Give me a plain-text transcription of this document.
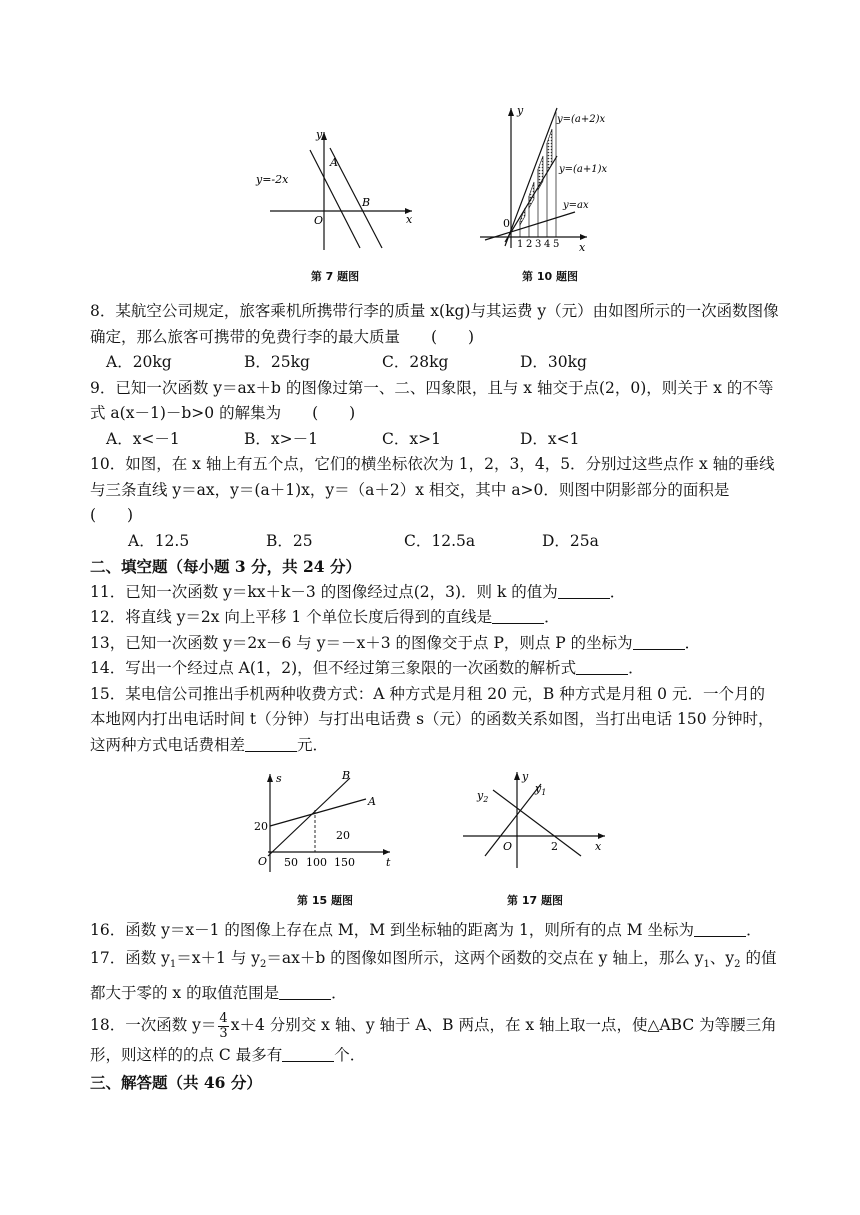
y
x
O
y=-2x
A
B
第 7 题图
y
x
0
y=(a+2)x
y=(a+1)x
y=ax
1 2 3 4 5
第 10 题图

8．某航空公司规定，旅客乘机所携带行李的质量 x(kg)与其运费 y（元）由如图所示的一次函数图像确定，那么旅客可携带的免费行李的最大质量　　(　　)

A．20kg	B．25kg	C．28kg	D．30kg

9．已知一次函数 y＝ax＋b 的图像过第一、二、四象限，且与 x 轴交于点(2，0)，则关于 x 的不等式 a(x－1)－b>0 的解集为　　(　　)

A．x<－1	B．x>－1	C．x>1	D．x<1

10．如图，在 x 轴上有五个点，它们的横坐标依次为 1，2，3，4，5．分别过这些点作 x 轴的垂线与三条直线 y＝ax，y＝(a＋1)x，y＝（a＋2）x 相交，其中 a>0．则图中阴影部分的面积是　　(　　)

A．12.5	B．25	C．12.5a	D．25a

二、填空题（每小题 3 分，共 24 分）

11．已知一次函数 y＝kx＋k－3 的图像经过点(2，3)．则 k 的值为	．

12．将直线 y＝2x 向上平移 1 个单位长度后得到的直线是	．

13，已知一次函数 y＝2x－6 与 y＝－x＋3 的图像交于点 P，则点 P 的坐标为	．

14．写出一个经过点 A(1，2)，但不经过第三象限的一次函数的解析式	．

15．某电信公司推出手机两种收费方式：A 种方式是月租 20 元，B 种方式是月租 0 元．一个月的本地网内打出电话时间 t（分钟）与打出电话费 s（元）的函数关系如图，当打出电话 150 分钟时，这两种方式电话费相差	元．

s
t
O
B
A
20
50 100 150
20
第 15 题图
y
x
O
$y_1$
$y_2$
2
第 17 题图

16．函数 y＝x－1 的图像上存在点 M，M 到坐标轴的距离为 1，则所有的点 M 坐标为	．

17．函数 $y_1=x+1$ 与 $y_2=ax+b$ 的图像如图所示，这两个函数的交点在 y 轴上，那么 $y_1$、$y_2$ 的值都大于零的 x 的取值范围是	．

18．一次函数 $y= \frac{4}{3} x+4$ 分别交 x 轴、y 轴于 A、B 两点，在 x 轴上取一点，使△ABC 为等腰三角形，则这样的的点 C 最多有	个．

三、解答题（共 46 分）
